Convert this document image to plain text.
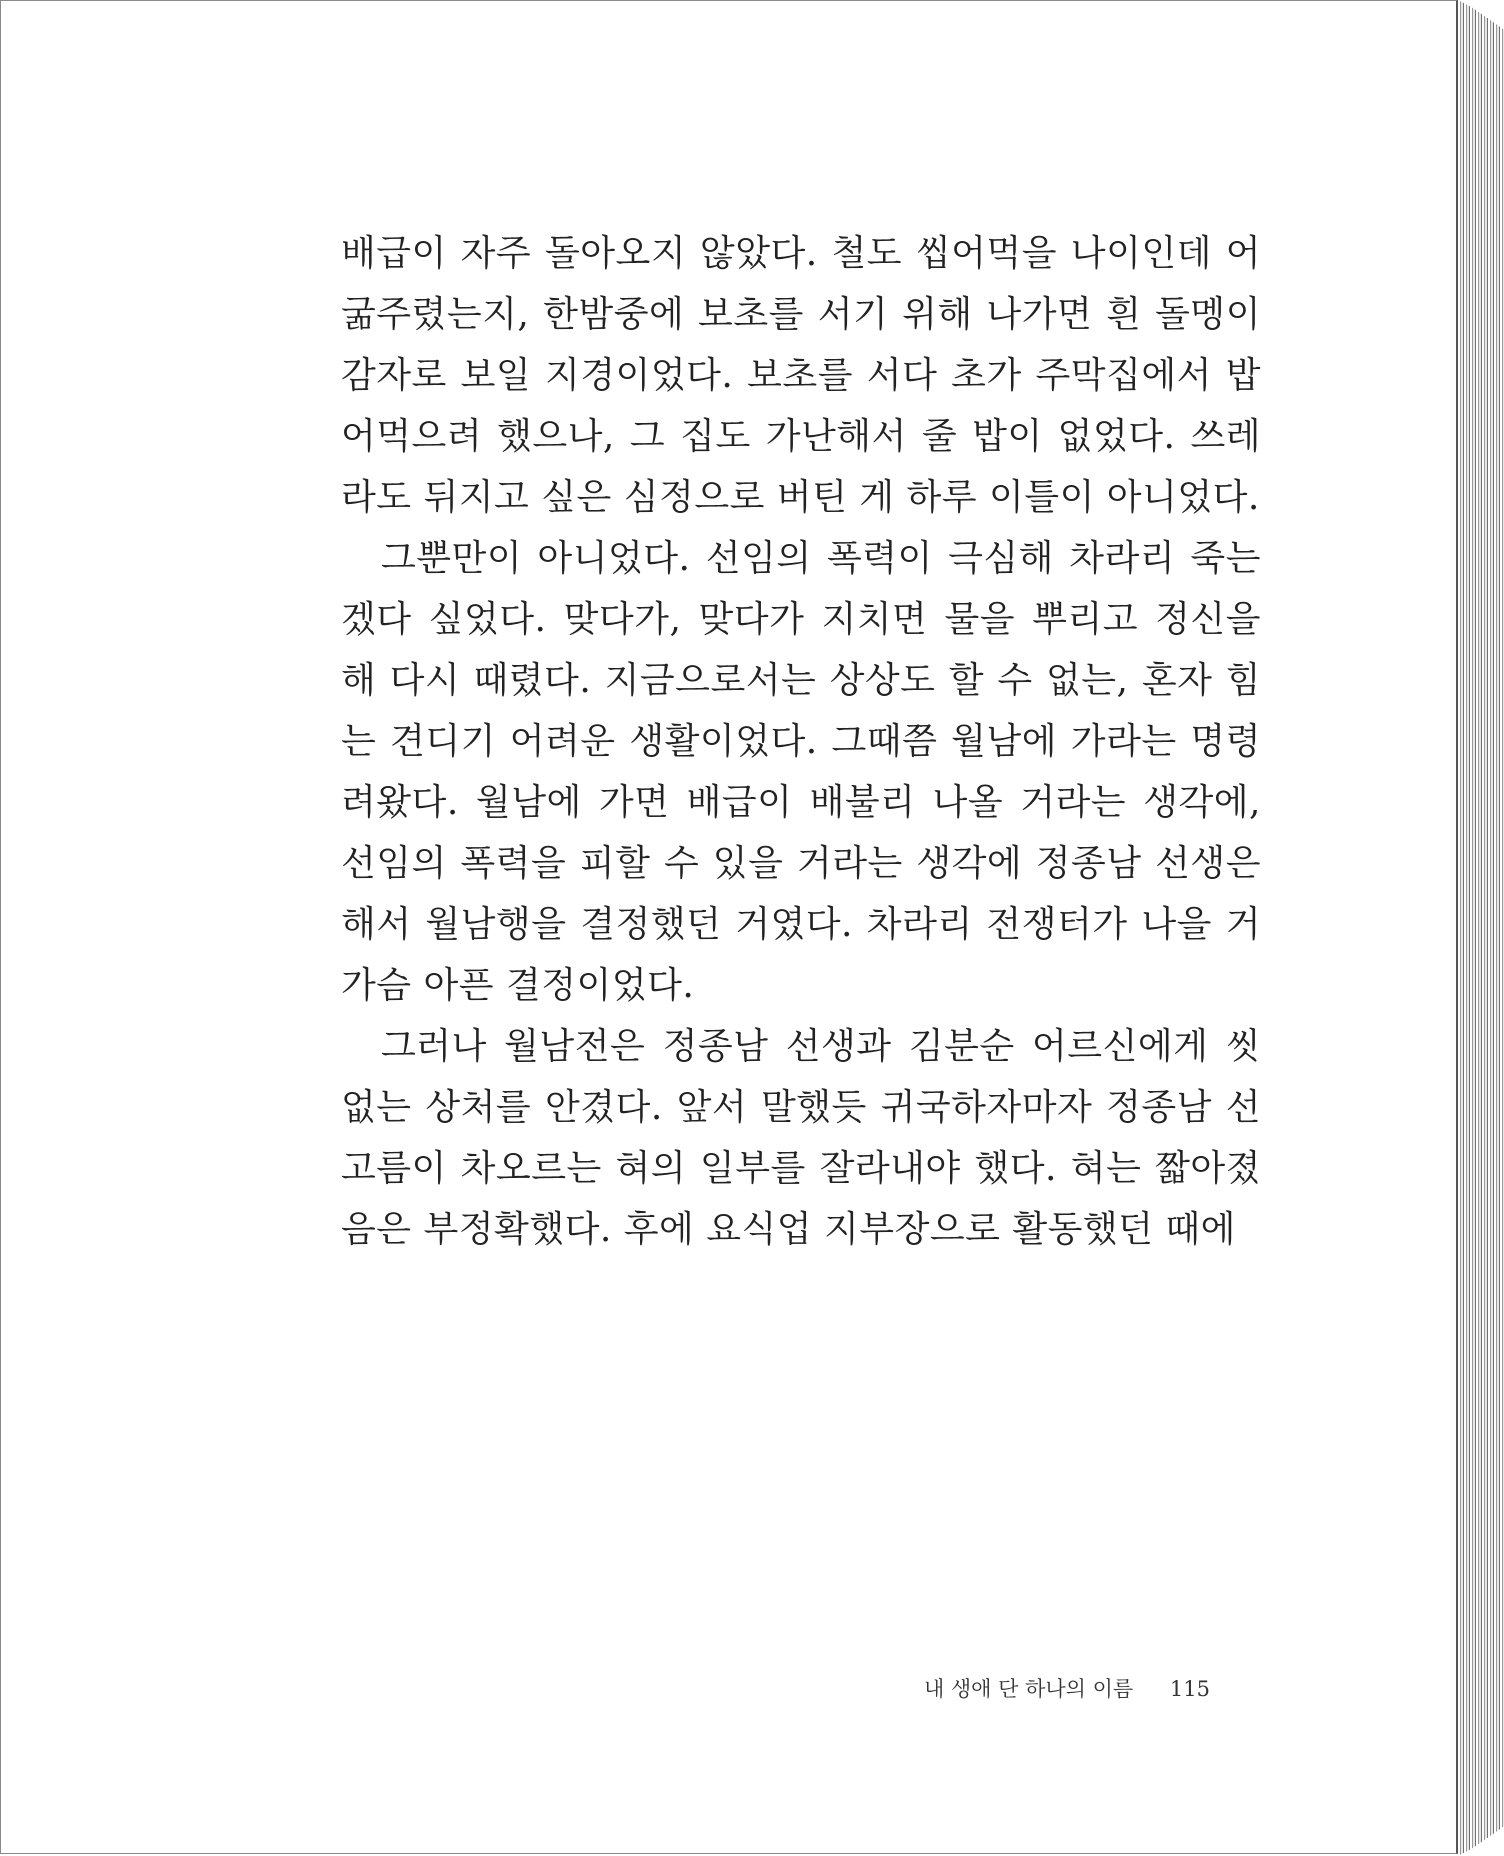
배급이 자주 돌아오지 않았다. 철도 씹어먹을 나이인데 어
굶주렸는지, 한밤중에 보초를 서기 위해 나가면 흰 돌멩이
감자로 보일 지경이었다. 보초를 서다 초가 주막집에서 밥
어먹으려 했으나, 그 집도 가난해서 줄 밥이 없었다. 쓰레
라도 뒤지고 싶은 심정으로 버틴 게 하루 이틀이 아니었다.
그뿐만이 아니었다. 선임의 폭력이 극심해 차라리 죽는
겠다 싶었다. 맞다가, 맞다가 지치면 물을 뿌리고 정신을
해 다시 때렸다. 지금으로서는 상상도 할 수 없는, 혼자 힘
는 견디기 어려운 생활이었다. 그때쯤 월남에 가라는 명령
려왔다. 월남에 가면 배급이 배불리 나올 거라는 생각에,
선임의 폭력을 피할 수 있을 거라는 생각에 정종남 선생은
해서 월남행을 결정했던 거였다. 차라리 전쟁터가 나을 거
가슴 아픈 결정이었다.
그러나 월남전은 정종남 선생과 김분순 어르신에게 씻
없는 상처를 안겼다. 앞서 말했듯 귀국하자마자 정종남 선
고름이 차오르는 혀의 일부를 잘라내야 했다. 혀는 짧아졌
음은 부정확했다. 후에 요식업 지부장으로 활동했던 때에
내 생애 단 하나의 이름 115
